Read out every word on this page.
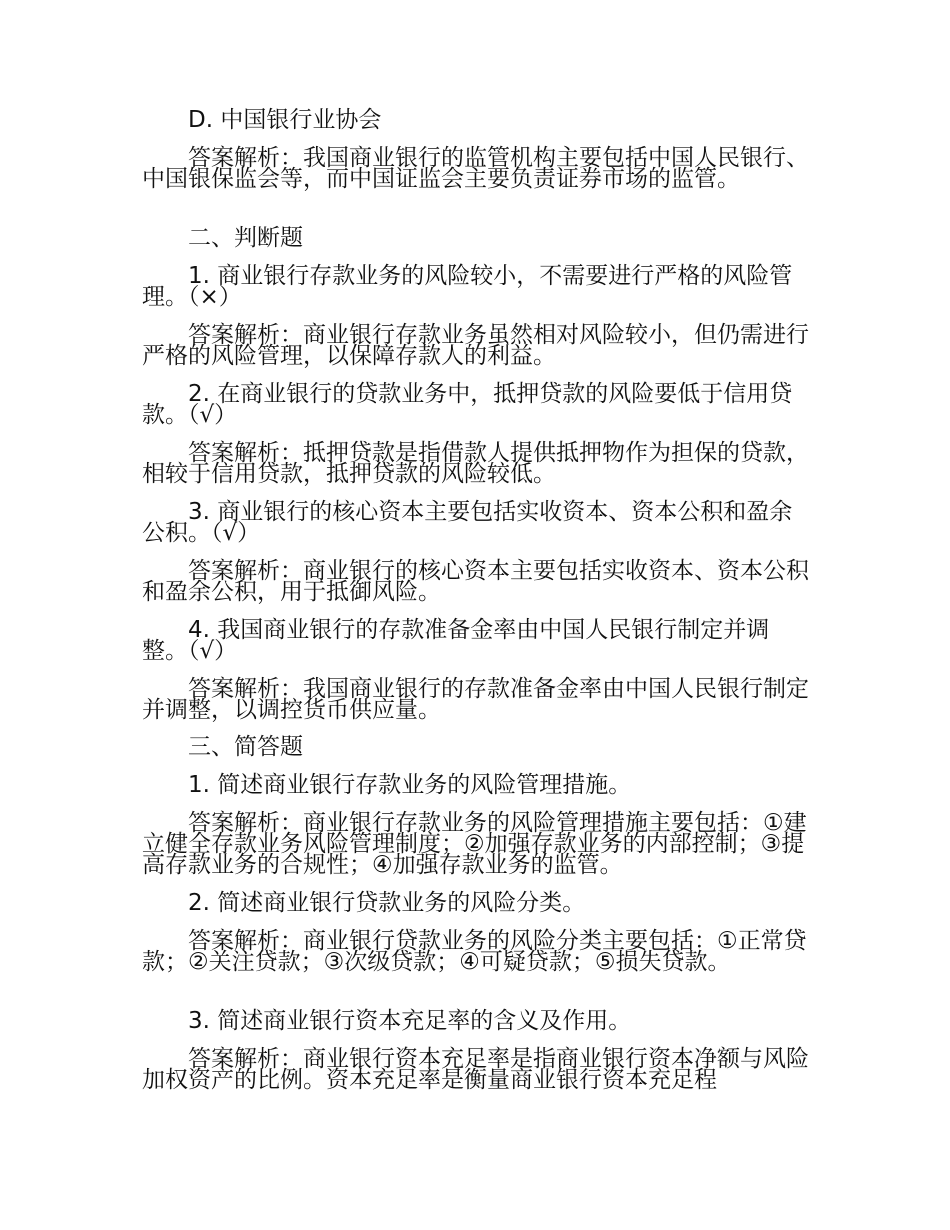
D. 中国银行业协会

答案解析：我国商业银行的监管机构主要包括中国人民银行、中国银保监会等，而中国证监会主要负责证券市场的监管。

二、判断题

1. 商业银行存款业务的风险较小，不需要进行严格的风险管理。（×）

答案解析：商业银行存款业务虽然相对风险较小，但仍需进行严格的风险管理，以保障存款人的利益。

2. 在商业银行的贷款业务中，抵押贷款的风险要低于信用贷款。（√）

答案解析：抵押贷款是指借款人提供抵押物作为担保的贷款，相较于信用贷款，抵押贷款的风险较低。

3. 商业银行的核心资本主要包括实收资本、资本公积和盈余公积。（√）

答案解析：商业银行的核心资本主要包括实收资本、资本公积和盈余公积，用于抵御风险。

4. 我国商业银行的存款准备金率由中国人民银行制定并调整。（√）

答案解析：我国商业银行的存款准备金率由中国人民银行制定并调整，以调控货币供应量。

三、简答题

1. 简述商业银行存款业务的风险管理措施。

答案解析：商业银行存款业务的风险管理措施主要包括：①建立健全存款业务风险管理制度；②加强存款业务的内部控制；③提高存款业务的合规性；④加强存款业务的监管。

2. 简述商业银行贷款业务的风险分类。

答案解析：商业银行贷款业务的风险分类主要包括：①正常贷款；②关注贷款；③次级贷款；④可疑贷款；⑤损失贷款。

3. 简述商业银行资本充足率的含义及作用。

答案解析：商业银行资本充足率是指商业银行资本净额与风险加权资产的比例。资本充足率是衡量商业银行资本充足程
